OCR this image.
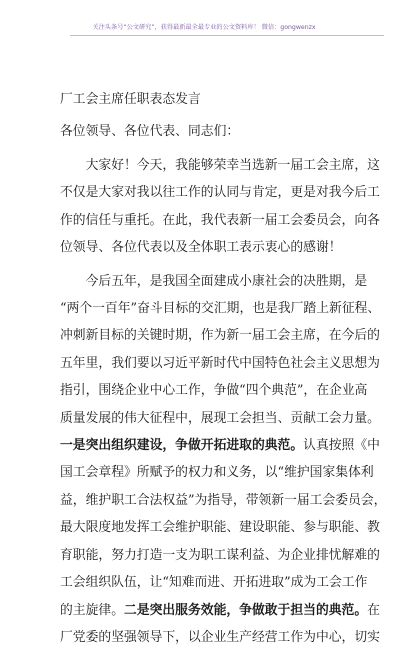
关注头条号“公文研究”，获得最新最全最专业的公文资料库！ 微信：gongwenzx
厂工会主席任职表态发言

各位领导、各位代表、同志们：

　　大家好！今天，我能够荣幸当选新一届工会主席，这
不仅是大家对我以往工作的认同与肯定，更是对我今后工
作的信任与重托。在此，我代表新一届工会委员会，向各
位领导、各位代表以及全体职工表示衷心的感谢！

　　今后五年，是我国全面建成小康社会的决胜期，是
“两个一百年”奋斗目标的交汇期，也是我厂踏上新征程、
冲刺新目标的关键时期，作为新一届工会主席，在今后的
五年里，我们要以习近平新时代中国特色社会主义思想为
指引，围绕企业中心工作，争做“四个典范”，在企业高
质量发展的伟大征程中，展现工会担当、贡献工会力量。
一是突出组织建设，争做开拓进取的典范。认真按照《中
国工会章程》所赋予的权力和义务，以“维护国家集体利
益，维护职工合法权益”为指导，带领新一届工会委员会，
最大限度地发挥工会维护职能、建设职能、参与职能、教
育职能，努力打造一支为职工谋利益、为企业排忧解难的
工会组织队伍，让“知难而进、开拓进取”成为工会工作
的主旋律。二是突出服务效能，争做敢于担当的典范。在
厂党委的坚强领导下，以企业生产经营工作为中心，切实
